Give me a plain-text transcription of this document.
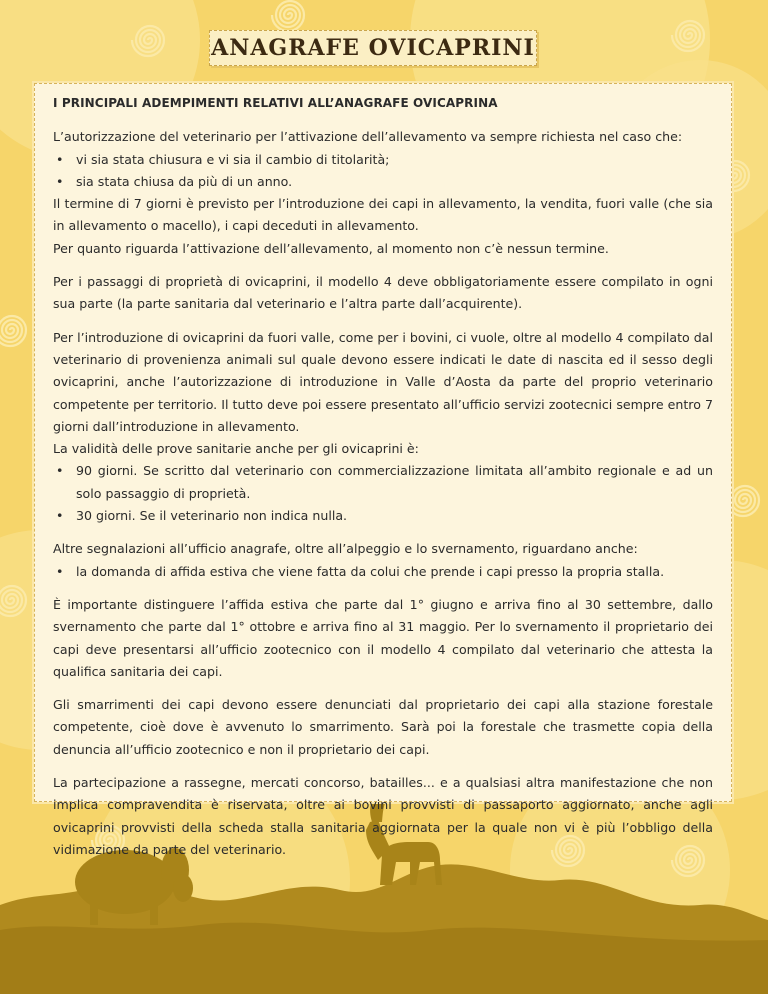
ANAGRAFE OVICAPRINI
I PRINCIPALI ADEMPIMENTI RELATIVI ALL’ANAGRAFE OVICAPRINA

L’autorizzazione del veterinario per l’attivazione dell’allevamento va sempre richiesta nel caso che:

• vi sia stata chiusura e vi sia il cambio di titolarità;
• sia stata chiusa da più di un anno.

Il termine di 7 giorni è previsto per l’introduzione dei capi in allevamento, la vendita, fuori valle (che sia in allevamento o macello), i capi deceduti in allevamento.

Per quanto riguarda l’attivazione dell’allevamento, al momento non c’è nessun termine.

Per i passaggi di proprietà di ovicaprini, il modello 4 deve obbligatoriamente essere compilato in ogni sua parte (la parte sanitaria dal veterinario e l’altra parte dall’acquirente).

Per l’introduzione di ovicaprini da fuori valle, come per i bovini, ci vuole, oltre al modello 4 compilato dal veterinario di provenienza animali sul quale devono essere indicati le date di nascita ed il sesso degli ovicaprini, anche l’autorizzazione di introduzione in Valle d’Aosta da parte del proprio veterinario competente per territorio. Il tutto deve poi essere presentato all’ufficio servizi zootecnici sempre entro 7 giorni dall’introduzione in allevamento.

La validità delle prove sanitarie anche per gli ovicaprini è:

• 90 giorni. Se scritto dal veterinario con commercializzazione limitata all’ambito regionale e ad un solo passaggio di proprietà.
• 30 giorni. Se il veterinario non indica nulla.

Altre segnalazioni all’ufficio anagrafe, oltre all’alpeggio e lo svernamento, riguardano anche:

• la domanda di affida estiva che viene fatta da colui che prende i capi presso la propria stalla.

È importante distinguere l’affida estiva che parte dal 1° giugno e arriva fino al 30 settembre, dallo svernamento che parte dal 1° ottobre e arriva fino al 31 maggio. Per lo svernamento il proprietario dei capi deve presentarsi all’ufficio zootecnico con il modello 4 compilato dal veterinario che attesta la qualifica sanitaria dei capi.

Gli smarrimenti dei capi devono essere denunciati dal proprietario dei capi alla stazione forestale competente, cioè dove è avvenuto lo smarrimento. Sarà poi la forestale che trasmette copia della denuncia all’ufficio zootecnico e non il proprietario dei capi.

La partecipazione a rassegne, mercati concorso, batailles... e a qualsiasi altra manifestazione che non implica compravendita è riservata, oltre ai bovini provvisti di passaporto aggiornato, anche agli ovicaprini provvisti della scheda stalla sanitaria aggiornata per la quale non vi è più l’obbligo della vidimazione da parte del veterinario.
